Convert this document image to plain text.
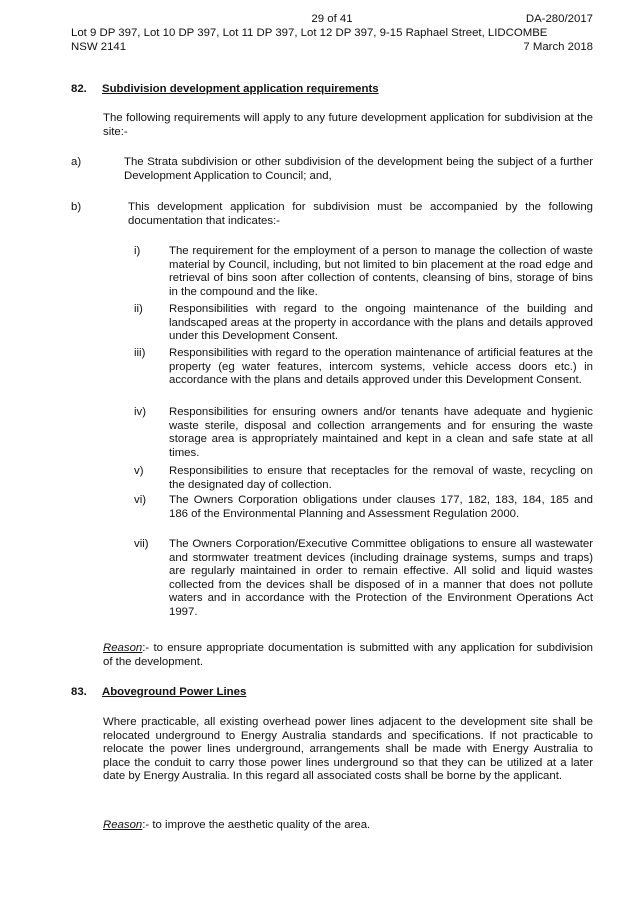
29 of 41	DA-280/2017
Lot 9 DP 397, Lot 10 DP 397, Lot 11 DP 397, Lot 12 DP 397, 9-15 Raphael Street, LIDCOMBE
NSW 2141	7 March 2018
82. Subdivision development application requirements
The following requirements will apply to any future development application for subdivision at the site:-
a)	The Strata subdivision or other subdivision of the development being the subject of a further Development Application to Council; and,
b)	This development application for subdivision must be accompanied by the following documentation that indicates:-
i)	The requirement for the employment of a person to manage the collection of waste material by Council, including, but not limited to bin placement at the road edge and retrieval of bins soon after collection of contents, cleansing of bins, storage of bins in the compound and the like.
ii) Responsibilities with regard to the ongoing maintenance of the building and landscaped areas at the property in accordance with the plans and details approved under this Development Consent.
iii) Responsibilities with regard to the operation maintenance of artificial features at the property (eg water features, intercom systems, vehicle access doors etc.) in accordance with the plans and details approved under this Development Consent.
iv) Responsibilities for ensuring owners and/or tenants have adequate and hygienic waste sterile, disposal and collection arrangements and for ensuring the waste storage area is appropriately maintained and kept in a clean and safe state at all times.
v) Responsibilities to ensure that receptacles for the removal of waste, recycling on the designated day of collection.
vi) The Owners Corporation obligations under clauses 177, 182, 183, 184, 185 and 186 of the Environmental Planning and Assessment Regulation 2000.
vii) The Owners Corporation/Executive Committee obligations to ensure all wastewater and stormwater treatment devices (including drainage systems, sumps and traps) are regularly maintained in order to remain effective. All solid and liquid wastes collected from the devices shall be disposed of in a manner that does not pollute waters and in accordance with the Protection of the Environment Operations Act 1997.
Reason:- to ensure appropriate documentation is submitted with any application for subdivision of the development.
83. Aboveground Power Lines
Where practicable, all existing overhead power lines adjacent to the development site shall be relocated underground to Energy Australia standards and specifications. If not practicable to relocate the power lines underground, arrangements shall be made with Energy Australia to place the conduit to carry those power lines underground so that they can be utilized at a later date by Energy Australia. In this regard all associated costs shall be borne by the applicant.
Reason:- to improve the aesthetic quality of the area.
